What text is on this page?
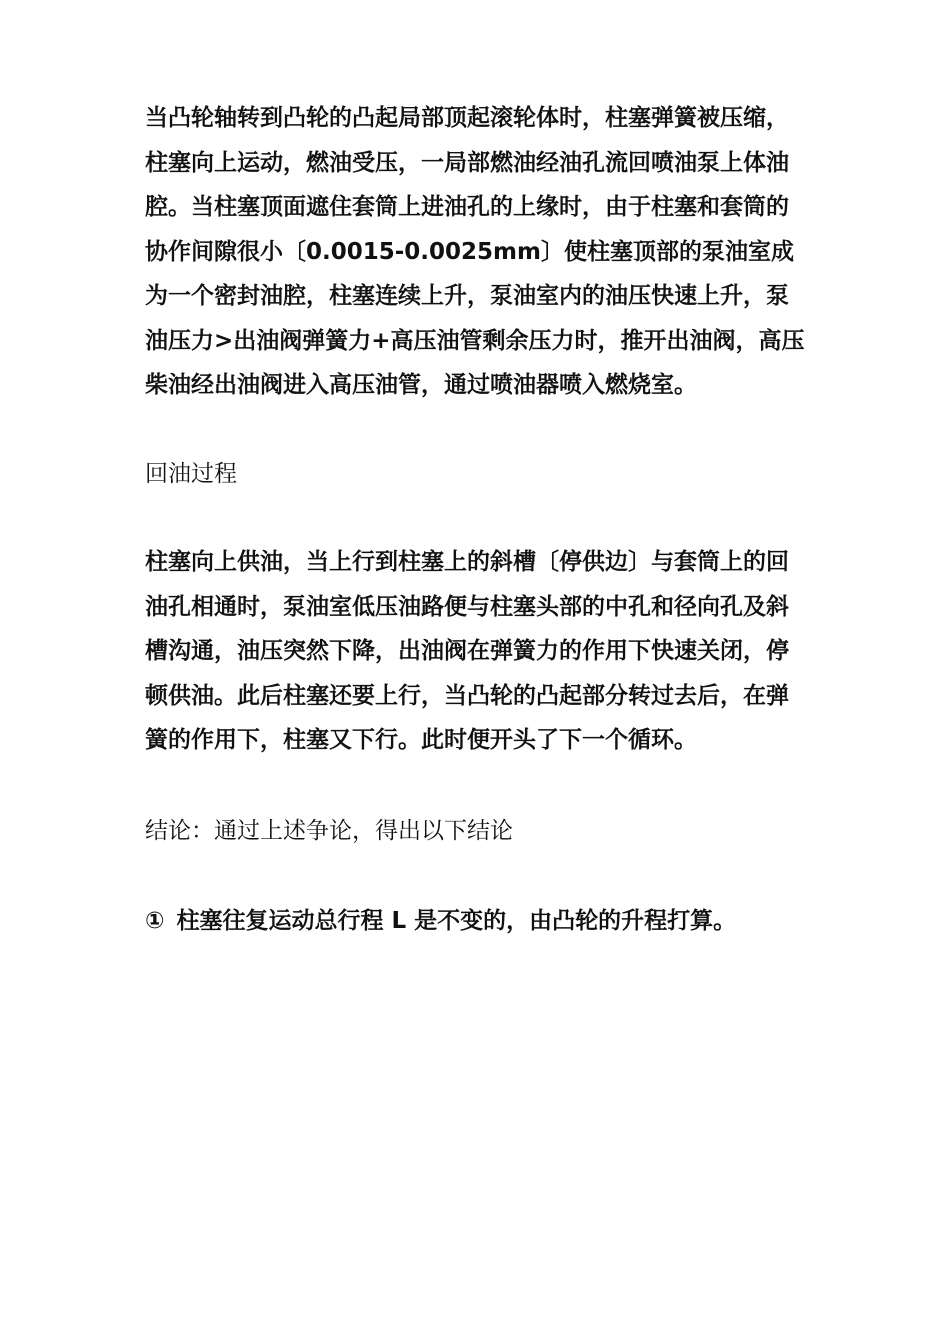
当凸轮轴转到凸轮的凸起局部顶起滚轮体时，柱塞弹簧被压缩，柱塞向上运动，燃油受压，一局部燃油经油孔流回喷油泵上体油腔。当柱塞顶面遮住套筒上进油孔的上缘时，由于柱塞和套筒的协作间隙很小〔0.0015-0.0025mm〕使柱塞顶部的泵油室成为一个密封油腔，柱塞连续上升，泵油室内的油压快速上升，泵油压力>出油阀弹簧力+高压油管剩余压力时，推开出油阀，高压柴油经出油阀进入高压油管，通过喷油器喷入燃烧室。

回油过程

柱塞向上供油，当上行到柱塞上的斜槽〔停供边〕与套筒上的回油孔相通时，泵油室低压油路便与柱塞头部的中孔和径向孔及斜槽沟通，油压突然下降，出油阀在弹簧力的作用下快速关闭，停顿供油。此后柱塞还要上行，当凸轮的凸起部分转过去后，在弹簧的作用下，柱塞又下行。此时便开头了下一个循环。

结论：通过上述争论，得出以下结论

① 柱塞往复运动总行程 L 是不变的，由凸轮的升程打算。
